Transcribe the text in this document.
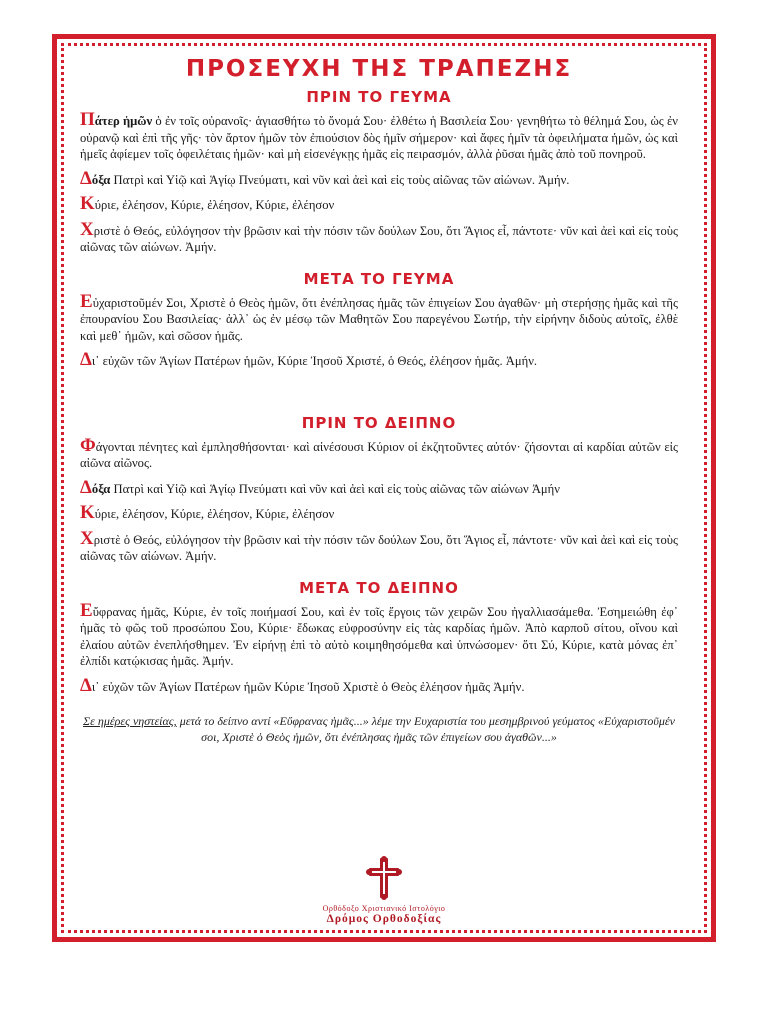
ΠΡΟΣΕΥΧΗ ΤΗΣ ΤΡΑΠΕΖΗΣ
ΠΡΙΝ ΤΟ ΓΕΥΜΑ

Πάτερ ἡμῶν ὁ ἐν τοῖς οὐρανοῖς· ἁγιασθήτω τὸ ὄνομά Σου· ἐλθέτω ἡ Βασιλεία Σου· γενηθήτω τὸ θέλημά Σου, ὡς ἐν οὐρανῷ καὶ ἐπὶ τῆς γῆς· τὸν ἄρτον ἡμῶν τὸν ἐπιούσιον δὸς ἡμῖν σήμερον· καὶ ἄφες ἡμῖν τὰ ὀφειλήματα ἡμῶν, ὡς καὶ ἡμεῖς ἀφίεμεν τοῖς ὀφειλέταις ἡμῶν· καὶ μὴ εἰσενέγκῃς ἡμᾶς εἰς πειρασμόν, ἀλλὰ ῥῦσαι ἡμᾶς ἀπὸ τοῦ πονηροῦ.

Δόξα Πατρὶ καὶ Υἱῷ καὶ Ἁγίῳ Πνεύματι, καὶ νῦν καὶ ἀεὶ καὶ εἰς τοὺς αἰῶνας τῶν αἰώνων. Ἀμήν.

Κύριε, ἐλέησον, Κύριε, ἐλέησον, Κύριε, ἐλέησον

Χριστὲ ὁ Θεός, εὐλόγησον τὴν βρῶσιν καὶ τὴν πόσιν τῶν δούλων Σου, ὅτι Ἅγιος εἶ, πάντοτε· νῦν καὶ ἀεὶ καὶ εἰς τοὺς αἰῶνας τῶν αἰώνων. Ἀμήν.

ΜΕΤΑ ΤΟ ΓΕΥΜΑ

Εὐχαριστοῦμέν Σοι, Χριστὲ ὁ Θεὸς ἡμῶν, ὅτι ἐνέπλησας ἡμᾶς τῶν ἐπιγείων Σου ἀγαθῶν· μὴ στερήσῃς ἡμᾶς καὶ τῆς ἐπουρανίου Σου Βασιλείας· ἀλλ᾽ ὡς ἐν μέσῳ τῶν Μαθητῶν Σου παρεγένου Σωτήρ, τὴν εἰρήνην διδοὺς αὐτοῖς, ἐλθὲ καὶ μεθ᾽ ἡμῶν, καὶ σῶσον ἡμᾶς.

Δι᾽ εὐχῶν τῶν Ἁγίων Πατέρων ἡμῶν, Κύριε Ἰησοῦ Χριστέ, ὁ Θεός, ἐλέησον ἡμᾶς. Ἀμήν.

ΠΡΙΝ ΤΟ ΔΕΙΠΝΟ

Φάγονται πένητες καὶ ἐμπλησθήσονται· καὶ αἰνέσουσι Κύριον οἱ ἐκζητοῦντες αὐτόν· ζήσονται αἱ καρδίαι αὐτῶν εἰς αἰῶνα αἰῶνος.

Δόξα Πατρὶ καὶ Υἱῷ καὶ Ἁγίῳ Πνεύματι καὶ νῦν καὶ ἀεὶ καὶ εἰς τοὺς αἰῶνας τῶν αἰώνων Ἀμήν

Κύριε, ἐλέησον, Κύριε, ἐλέησον, Κύριε, ἐλέησον

Χριστὲ ὁ Θεός, εὐλόγησον τὴν βρῶσιν καὶ τὴν πόσιν τῶν δούλων Σου, ὅτι Ἅγιος εἶ, πάντοτε· νῦν καὶ ἀεὶ καὶ εἰς τοὺς αἰῶνας τῶν αἰώνων. Ἀμήν.

ΜΕΤΑ ΤΟ ΔΕΙΠΝΟ

Εὔφρανας ἡμᾶς, Κύριε, ἐν τοῖς ποιήμασί Σου, καὶ ἐν τοῖς ἔργοις τῶν χειρῶν Σου ἠγαλλιασάμεθα. Ἐσημειώθη ἐφ᾽ ἡμᾶς τὸ φῶς τοῦ προσώπου Σου, Κύριε· ἔδωκας εὐφροσύνην εἰς τὰς καρδίας ἡμῶν. Ἀπὸ καρποῦ σίτου, οἴνου καὶ ἐλαίου αὐτῶν ἐνεπλήσθημεν. Ἐν εἰρήνῃ ἐπὶ τὸ αὐτὸ κοιμηθησόμεθα καὶ ὑπνώσομεν· ὅτι Σύ, Κύριε, κατὰ μόνας ἐπ᾽ ἐλπίδι κατῴκισας ἡμᾶς. Ἀμήν.

Δι᾽ εὐχῶν τῶν Ἁγίων Πατέρων ἡμῶν Κύριε Ἰησοῦ Χριστὲ ὁ Θεὸς ἐλέησον ἡμᾶς Ἀμήν.

Σε ημέρες νηστείας, μετά το δείπνο αντί «Εὔφρανας ἡμᾶς...» λέμε την Ευχαριστία του μεσημβρινού γεύματος «Εὐχαριστοῦμέν σοι, Χριστὲ ὁ Θεὸς ἡμῶν, ὅτι ἐνέπλησας ἡμᾶς τῶν ἐπιγείων σου ἀγαθῶν...»
Ορθόδοξο Χριστιανικό Ιστολόγιο
Δρόμος Ορθοδοξίας
